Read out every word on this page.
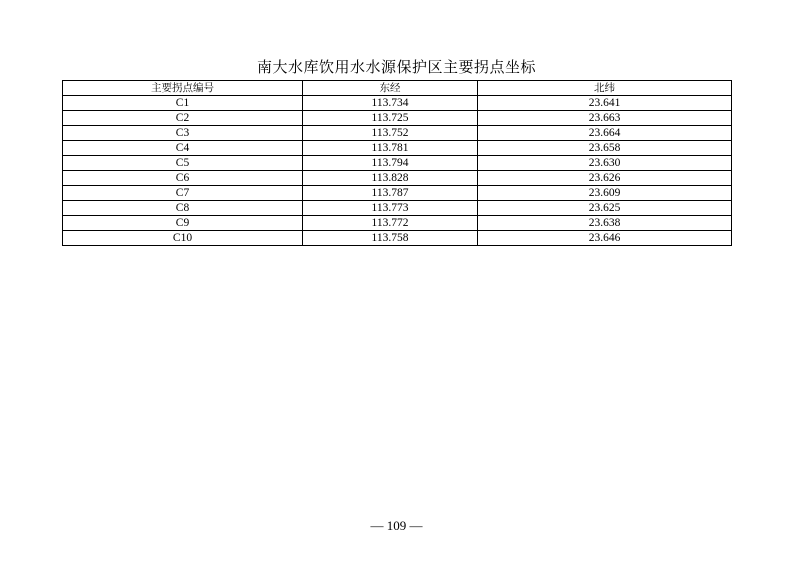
南大水库饮用水水源保护区主要拐点坐标
主要拐点编号	东经	北纬
C1	113.734	23.641
C2	113.725	23.663
C3	113.752	23.664
C4	113.781	23.658
C5	113.794	23.630
C6	113.828	23.626
C7	113.787	23.609
C8	113.773	23.625
C9	113.772	23.638
C10	113.758	23.646
— 109 —
